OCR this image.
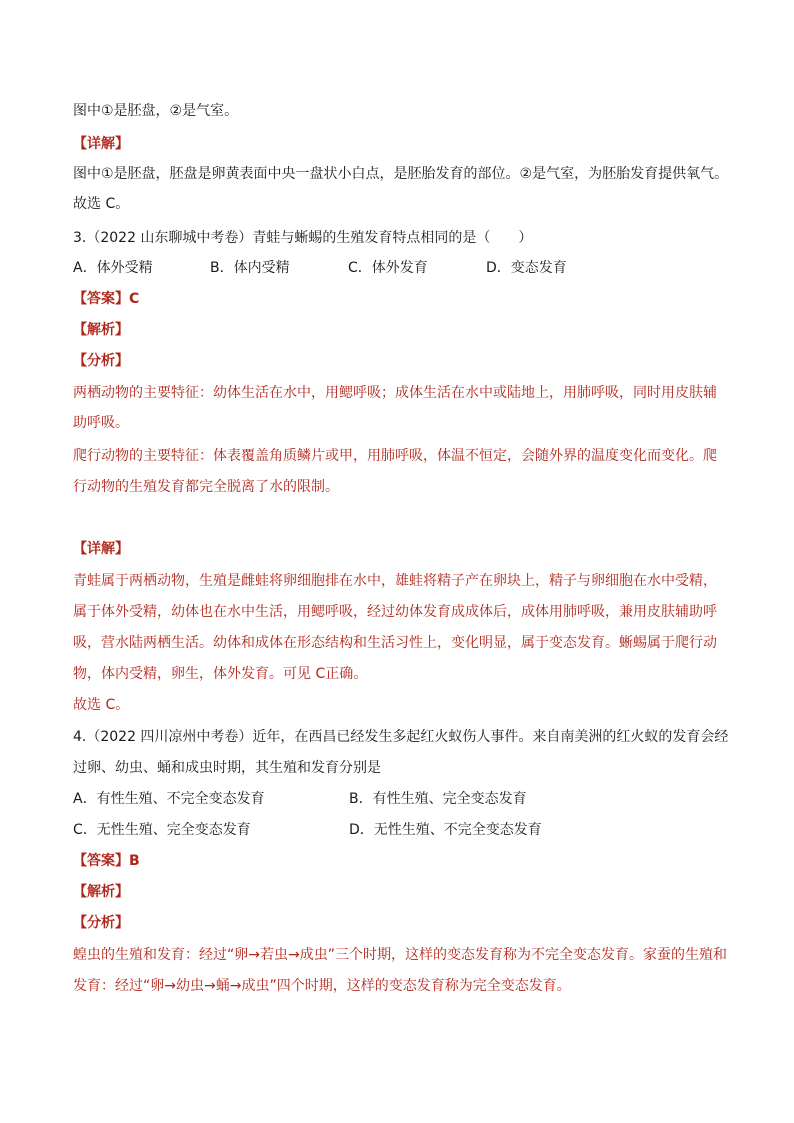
图中①是胚盘，②是气室。
【详解】
图中①是胚盘，胚盘是卵黄表面中央一盘状小白点，是胚胎发育的部位。②是气室，为胚胎发育提供氧气。
故选 C。
3.（2022 山东聊城中考卷）青蛙与蜥蜴的生殖发育特点相同的是（　　）
A．体外受精	B．体内受精	C．体外发育	D．变态发育
【答案】C
【解析】
【分析】
两栖动物的主要特征：幼体生活在水中，用鳃呼吸；成体生活在水中或陆地上，用肺呼吸，同时用皮肤辅
助呼吸。
爬行动物的主要特征：体表覆盖角质鳞片或甲，用肺呼吸，体温不恒定，会随外界的温度变化而变化。爬
行动物的生殖发育都完全脱离了水的限制。
【详解】
青蛙属于两栖动物，生殖是雌蛙将卵细胞排在水中，雄蛙将精子产在卵块上，精子与卵细胞在水中受精，
属于体外受精，幼体也在水中生活，用鳃呼吸，经过幼体发育成成体后，成体用肺呼吸，兼用皮肤辅助呼
吸，营水陆两栖生活。幼体和成体在形态结构和生活习性上，变化明显，属于变态发育。蜥蜴属于爬行动
物，体内受精，卵生，体外发育。可见 C正确。
故选 C。
4.（2022 四川凉州中考卷）近年，在西昌已经发生多起红火蚁伤人事件。来自南美洲的红火蚁的发育会经
过卵、幼虫、蛹和成虫时期，其生殖和发育分别是
A．有性生殖、不完全变态发育	B．有性生殖、完全变态发育
C．无性生殖、完全变态发育	D．无性生殖、不完全变态发育
【答案】B
【解析】
【分析】
蝗虫的生殖和发育：经过“卵→若虫→成虫”三个时期，这样的变态发育称为不完全变态发育。家蚕的生殖和
发育：经过“卵→幼虫→蛹→成虫”四个时期，这样的变态发育称为完全变态发育。
